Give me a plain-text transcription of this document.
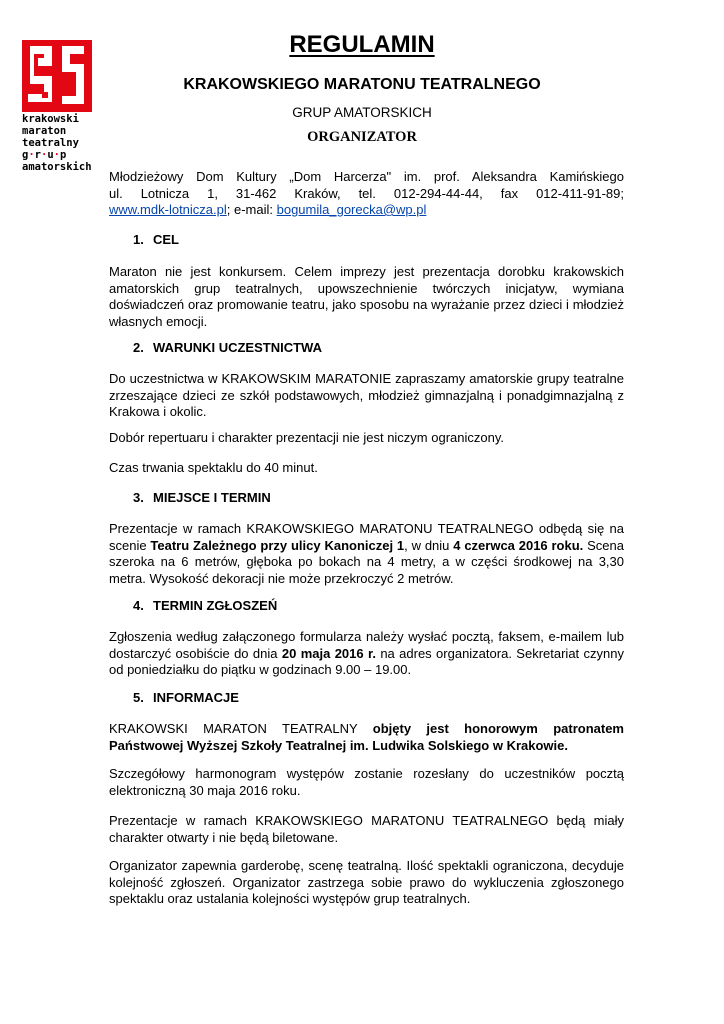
krakowski
maraton
teatralny
g·r·u·p
amatorskich
REGULAMIN
KRAKOWSKIEGO MARATONU TEATRALNEGO
GRUP AMATORSKICH
ORGANIZATOR

Młodzieżowy Dom Kultury „Dom Harcerza" im. prof. Aleksandra Kamińskiego

ul. Lotnicza 1, 31-462 Kraków, tel. 012-294-44-44, fax 012-411-91-89;

www.mdk-lotnicza.pl; e-mail: bogumila_gorecka@wp.pl

1. CEL

Maraton nie jest konkursem. Celem imprezy jest prezentacja dorobku krakowskich amatorskich grup teatralnych, upowszechnienie twórczych inicjatyw, wymiana doświadczeń oraz promowanie teatru, jako sposobu na wyrażanie przez dzieci i młodzież własnych emocji.

2. WARUNKI UCZESTNICTWA

Do uczestnictwa w KRAKOWSKIM MARATONIE zapraszamy amatorskie grupy teatralne zrzeszające dzieci ze szkół podstawowych, młodzież gimnazjalną i ponadgimnazjalną z Krakowa i okolic.

Dobór repertuaru i charakter prezentacji nie jest niczym ograniczony.

Czas trwania spektaklu do 40 minut.

3. MIEJSCE I TERMIN

Prezentacje w ramach KRAKOWSKIEGO MARATONU TEATRALNEGO odbędą się na scenie Teatru Zależnego przy ulicy Kanoniczej 1, w dniu 4 czerwca 2016 roku. Scena szeroka na 6 metrów, głęboka po bokach na 4 metry, a w części środkowej na 3,30 metra. Wysokość dekoracji nie może przekroczyć 2 metrów.

4. TERMIN ZGŁOSZEŃ

Zgłoszenia według załączonego formularza należy wysłać pocztą, faksem, e-mailem lub dostarczyć osobiście do dnia 20 maja 2016 r. na adres organizatora. Sekretariat czynny od poniedziałku do piątku w godzinach 9.00 – 19.00.

5. INFORMACJE

KRAKOWSKI MARATON TEATRALNY objęty jest honorowym patronatem Państwowej Wyższej Szkoły Teatralnej im. Ludwika Solskiego w Krakowie.

Szczegółowy harmonogram występów zostanie rozesłany do uczestników pocztą elektroniczną 30 maja 2016 roku.

Prezentacje w ramach KRAKOWSKIEGO MARATONU TEATRALNEGO będą miały charakter otwarty i nie będą biletowane.

Organizator zapewnia garderobę, scenę teatralną. Ilość spektakli ograniczona, decyduje kolejność zgłoszeń. Organizator zastrzega sobie prawo do wykluczenia zgłoszonego spektaklu oraz ustalania kolejności występów grup teatralnych.
